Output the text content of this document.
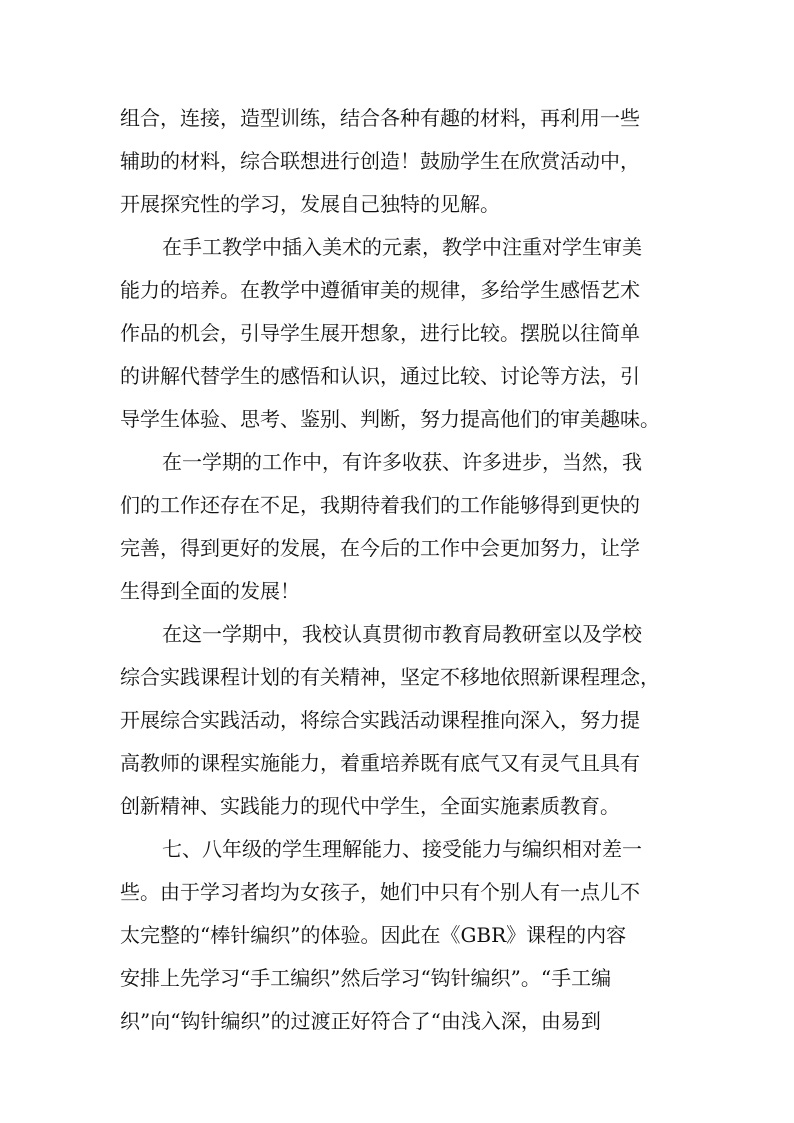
组合，连接，造型训练，结合各种有趣的材料，再利用一些
辅助的材料，综合联想进行创造！鼓励学生在欣赏活动中，
开展探究性的学习，发展自己独特的见解。
在手工教学中插入美术的元素，教学中注重对学生审美
能力的培养。在教学中遵循审美的规律，多给学生感悟艺术
作品的机会，引导学生展开想象，进行比较。摆脱以往简单
的讲解代替学生的感悟和认识，通过比较、讨论等方法，引
导学生体验、思考、鉴别、判断，努力提高他们的审美趣味。
在一学期的工作中，有许多收获、许多进步，当然，我
们的工作还存在不足，我期待着我们的工作能够得到更快的
完善，得到更好的发展，在今后的工作中会更加努力，让学
生得到全面的发展！
在这一学期中，我校认真贯彻市教育局教研室以及学校
综合实践课程计划的有关精神，坚定不移地依照新课程理念，
开展综合实践活动，将综合实践活动课程推向深入，努力提
高教师的课程实施能力，着重培养既有底气又有灵气且具有
创新精神、实践能力的现代中学生，全面实施素质教育。
七、八年级的学生理解能力、接受能力与编织相对差一
些。由于学习者均为女孩子，她们中只有个别人有一点儿不
太完整的“棒针编织”的体验。因此在《GBR》课程的内容
安排上先学习“手工编织”然后学习“钩针编织”。“手工编
织”向“钩针编织”的过渡正好符合了“由浅入深，由易到
